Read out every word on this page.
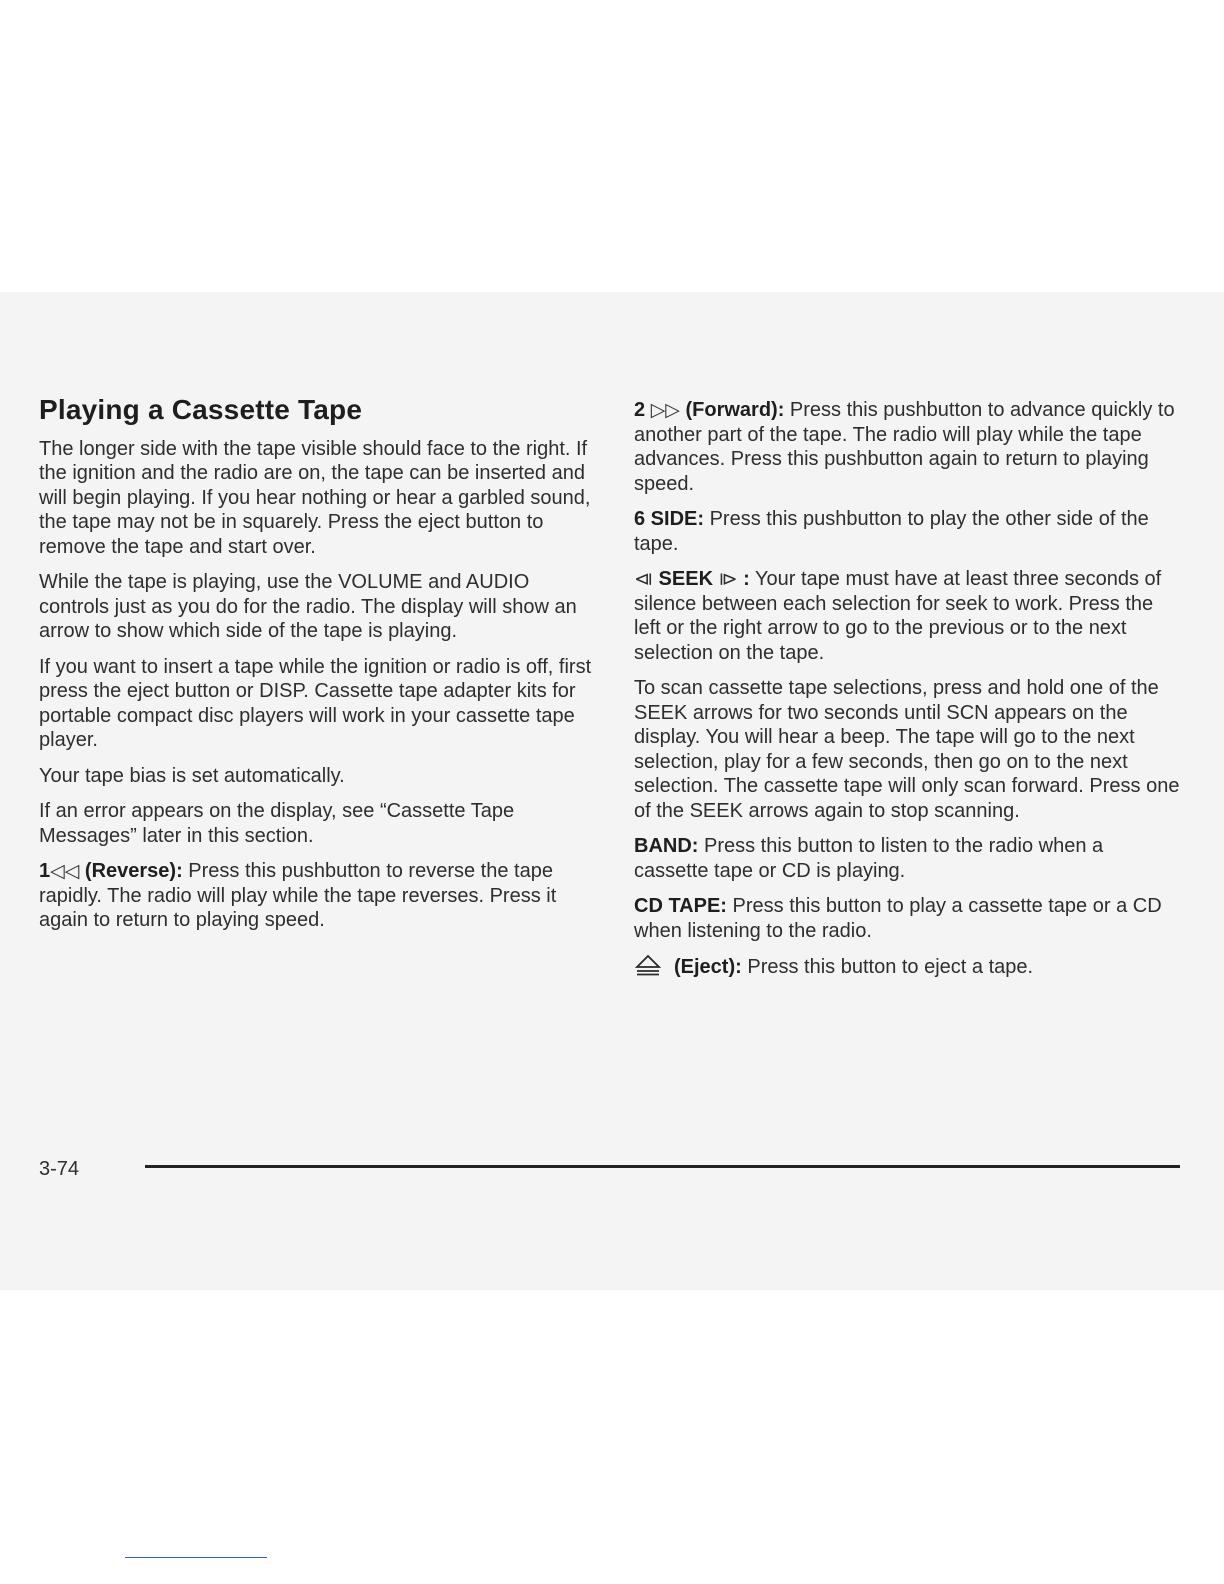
Playing a Cassette Tape

The longer side with the tape visible should face to the right. If the ignition and the radio are on, the tape can be inserted and will begin playing. If you hear nothing or hear a garbled sound, the tape may not be in squarely. Press the eject button to remove the tape and start over.

While the tape is playing, use the VOLUME and AUDIO controls just as you do for the radio. The display will show an arrow to show which side of the tape is playing.

If you want to insert a tape while the ignition or radio is off, first press the eject button or DISP. Cassette tape adapter kits for portable compact disc players will work in your cassette tape player.

Your tape bias is set automatically.

If an error appears on the display, see “Cassette Tape Messages” later in this section.

1◁◁ (Reverse): Press this pushbutton to reverse the tape rapidly. The radio will play while the tape reverses. Press it again to return to playing speed.

2 ▷▷ (Forward): Press this pushbutton to advance quickly to another part of the tape. The radio will play while the tape advances. Press this pushbutton again to return to playing speed.

6 SIDE: Press this pushbutton to play the other side of the tape.

⧏ SEEK ⧐ : Your tape must have at least three seconds of silence between each selection for seek to work. Press the left or the right arrow to go to the previous or to the next selection on the tape.

To scan cassette tape selections, press and hold one of the SEEK arrows for two seconds until SCN appears on the display. You will hear a beep. The tape will go to the next selection, play for a few seconds, then go on to the next selection. The cassette tape will only scan forward. Press one of the SEEK arrows again to stop scanning.

BAND: Press this button to listen to the radio when a cassette tape or CD is playing.

CD TAPE: Press this button to play a cassette tape or a CD when listening to the radio.

(Eject): Press this button to eject a tape.

3-74
